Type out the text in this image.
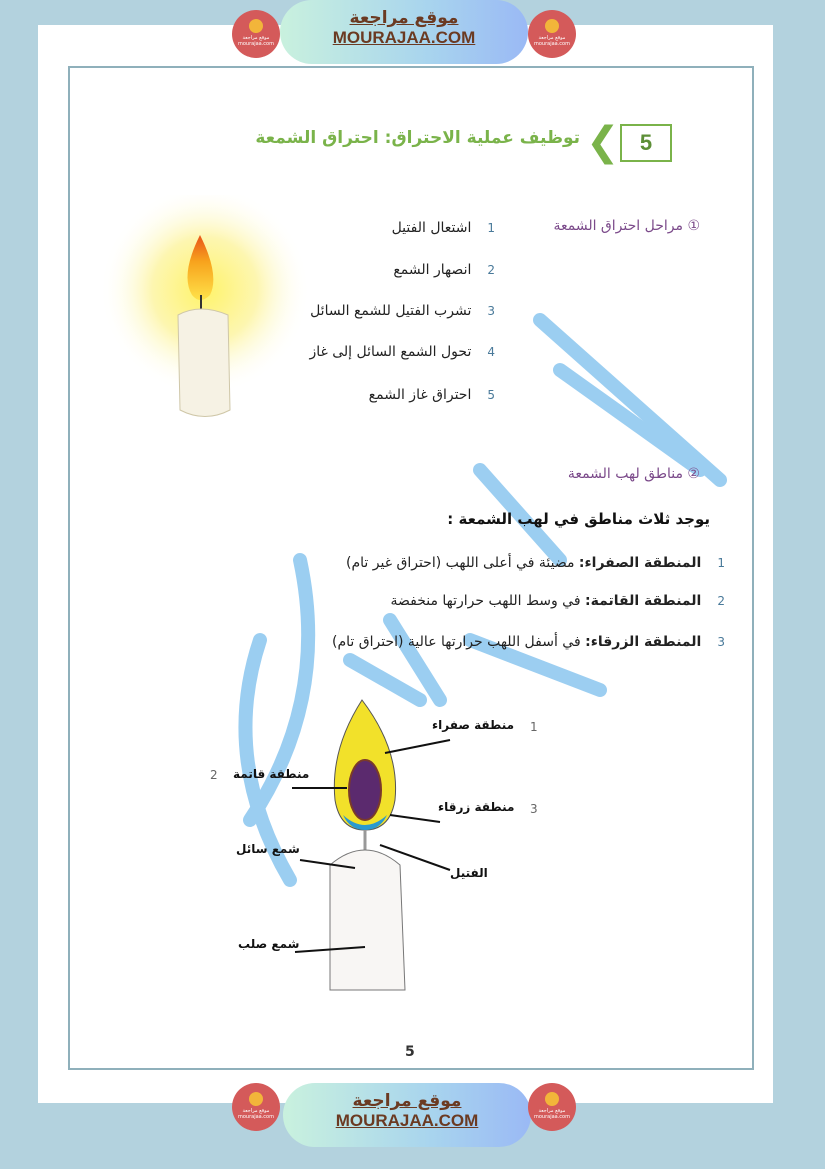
موقع مراجعة mourajaa.com
موقع مراجعة
MOURAJAA.COM	موقع مراجعة mourajaa.com
5
❮
توظيف عملية الاحتراق: احتراق الشمعة
① مراحل احتراق الشمعة
1اشتعال الفتيل
2انصهار الشمع
3تشرب الفتيل للشمع السائل
4تحول الشمع السائل إلى غاز
5احتراق غاز الشمع
② مناطق لهب الشمعة
يوجد ثلاث مناطق في لهب الشمعة :
1المنطقة الصفراء: مضيئة في أعلى اللهب (احتراق غير تام)
2المنطقة القاتمة: في وسط اللهب حرارتها منخفضة
3المنطقة الزرقاء: في أسفل اللهب حرارتها عالية (احتراق تام)
منطقة صفراء 1
منطقة قاتمة
2
منطقة زرقاء 3
شمع سائل
الفتيل
شمع صلب
5
موقع مراجعة mourajaa.com
موقع مراجعة
MOURAJAA.COM	موقع مراجعة mourajaa.com
